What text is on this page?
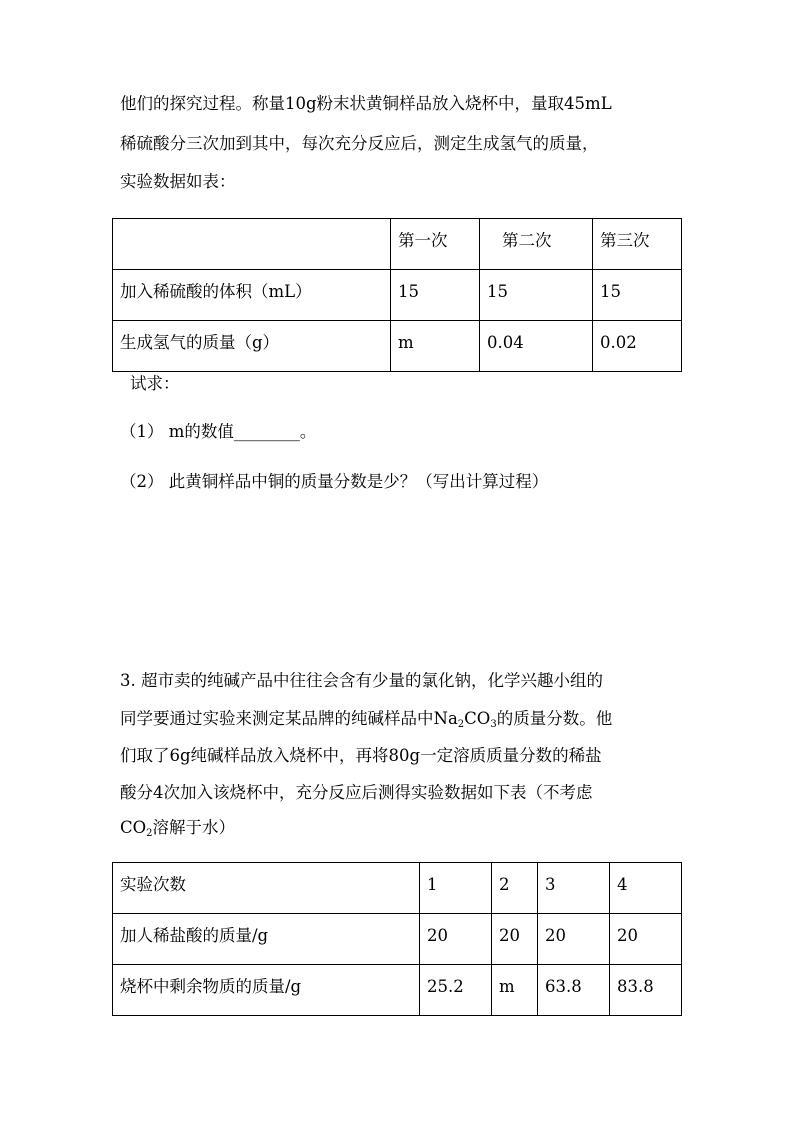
他们的探究过程。称量10g粉末状黄铜样品放入烧杯中，量取45mL
稀硫酸分三次加到其中，每次充分反应后，测定生成氢气的质量，
实验数据如表：
	第一次	第二次	第三次
加入稀硫酸的体积（mL）	15	15	15
生成氢气的质量（g）	m	0.04	0.02
试求：
（1） m的数值________。
（2） 此黄铜样品中铜的质量分数是少？（写出计算过程）
3. 超市卖的纯碱产品中往往会含有少量的氯化钠，化学兴趣小组的
同学要通过实验来测定某品牌的纯碱样品中$Na_2CO_3$的质量分数。他
们取了6g纯碱样品放入烧杯中，再将80g一定溶质质量分数的稀盐
酸分4次加入该烧杯中，充分反应后测得实验数据如下表（不考虑
$CO_2$溶解于水）
实验次数	1	2	3	4
加人稀盐酸的质量/g	20	20	20	20
烧杯中剩余物质的质量/g	25.2	m	63.8	83.8
